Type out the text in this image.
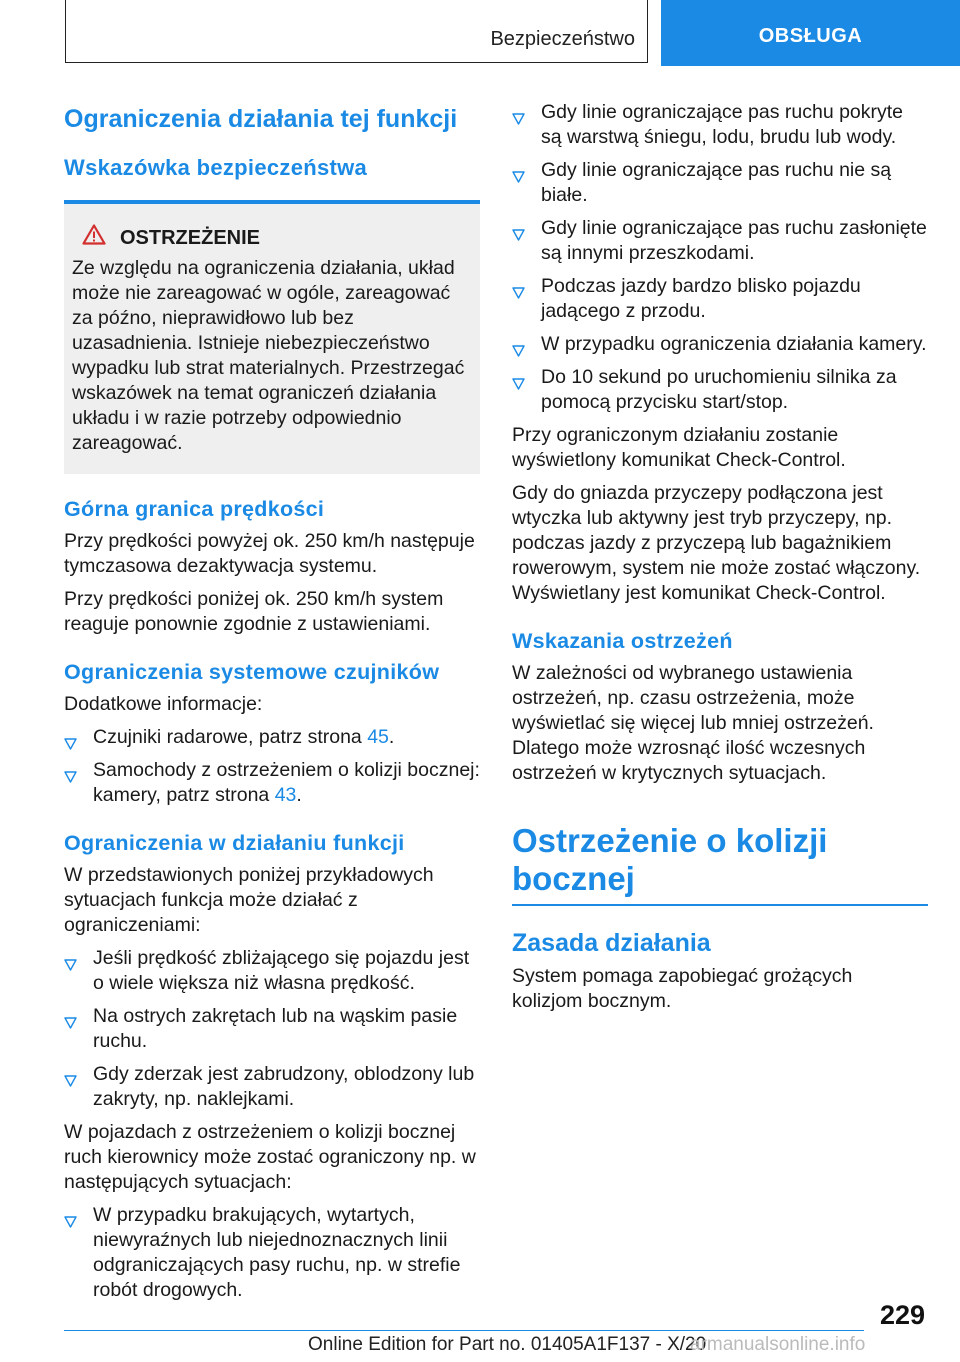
Bezpieczeństwo	OBSŁUGA
Ograniczenia działania tej funkcji
Wskazówka bezpieczeństwa
OSTRZEŻENIE

Ze względu na ograniczenia działania, układ może nie zareagować w ogóle, zareagować za późno, nieprawidłowo lub bez uzasadnienia. Istnieje niebezpieczeństwo wypadku lub strat materialnych. Przestrzegać wskazówek na temat ograniczeń działania układu i w razie potrzeby odpowiednio zareagować.

Górna granica prędkości

Przy prędkości powyżej ok. 250 km/h następuje tymczasowa dezaktywacja systemu.

Przy prędkości poniżej ok. 250 km/h system reaguje ponownie zgodnie z ustawieniami.

Ograniczenia systemowe czujników

Dodatkowe informacje:

Czujniki radarowe, patrz strona 45.
Samochody z ostrzeżeniem o kolizji bocznej: kamery, patrz strona 43.
Ograniczenia w działaniu funkcji

W przedstawionych poniżej przykładowych sytuacjach funkcja może działać z ograniczeniami:

Jeśli prędkość zbliżającego się pojazdu jest o wiele większa niż własna prędkość.
Na ostrych zakrętach lub na wąskim pasie ruchu.
Gdy zderzak jest zabrudzony, oblodzony lub zakryty, np. naklejkami.

W pojazdach z ostrzeżeniem o kolizji bocznej ruch kierownicy może zostać ograniczony np. w następujących sytuacjach:

W przypadku brakujących, wytartych, niewyraźnych lub niejednoznacznych linii odgraniczających pasy ruchu, np. w strefie robót drogowych.
Gdy linie ograniczające pas ruchu pokryte są warstwą śniegu, lodu, brudu lub wody.
Gdy linie ograniczające pas ruchu nie są białe.
Gdy linie ograniczające pas ruchu zasłonięte są innymi przeszkodami.
Podczas jazdy bardzo blisko pojazdu jadącego z przodu.
W przypadku ograniczenia działania kamery.
Do 10 sekund po uruchomieniu silnika za pomocą przycisku start/stop.

Przy ograniczonym działaniu zostanie wyświetlony komunikat Check-Control.

Gdy do gniazda przyczepy podłączona jest wtyczka lub aktywny jest tryb przyczepy, np. podczas jazdy z przyczepą lub bagażnikiem rowerowym, system nie może zostać włączony. Wyświetlany jest komunikat Check-Control.

Wskazania ostrzeżeń

W zależności od wybranego ustawienia ostrzeżeń, np. czasu ostrzeżenia, może wyświetlać się więcej lub mniej ostrzeżeń. Dlatego może wzrosnąć ilość wczesnych ostrzeżeń w krytycznych sytuacjach.

Ostrzeżenie o kolizji bocznej
Zasada działania

System pomaga zapobiegać grożących kolizjom bocznym.

229
Online Edition for Part no. 01405A1F137 - X/20
armanualsonline.info
